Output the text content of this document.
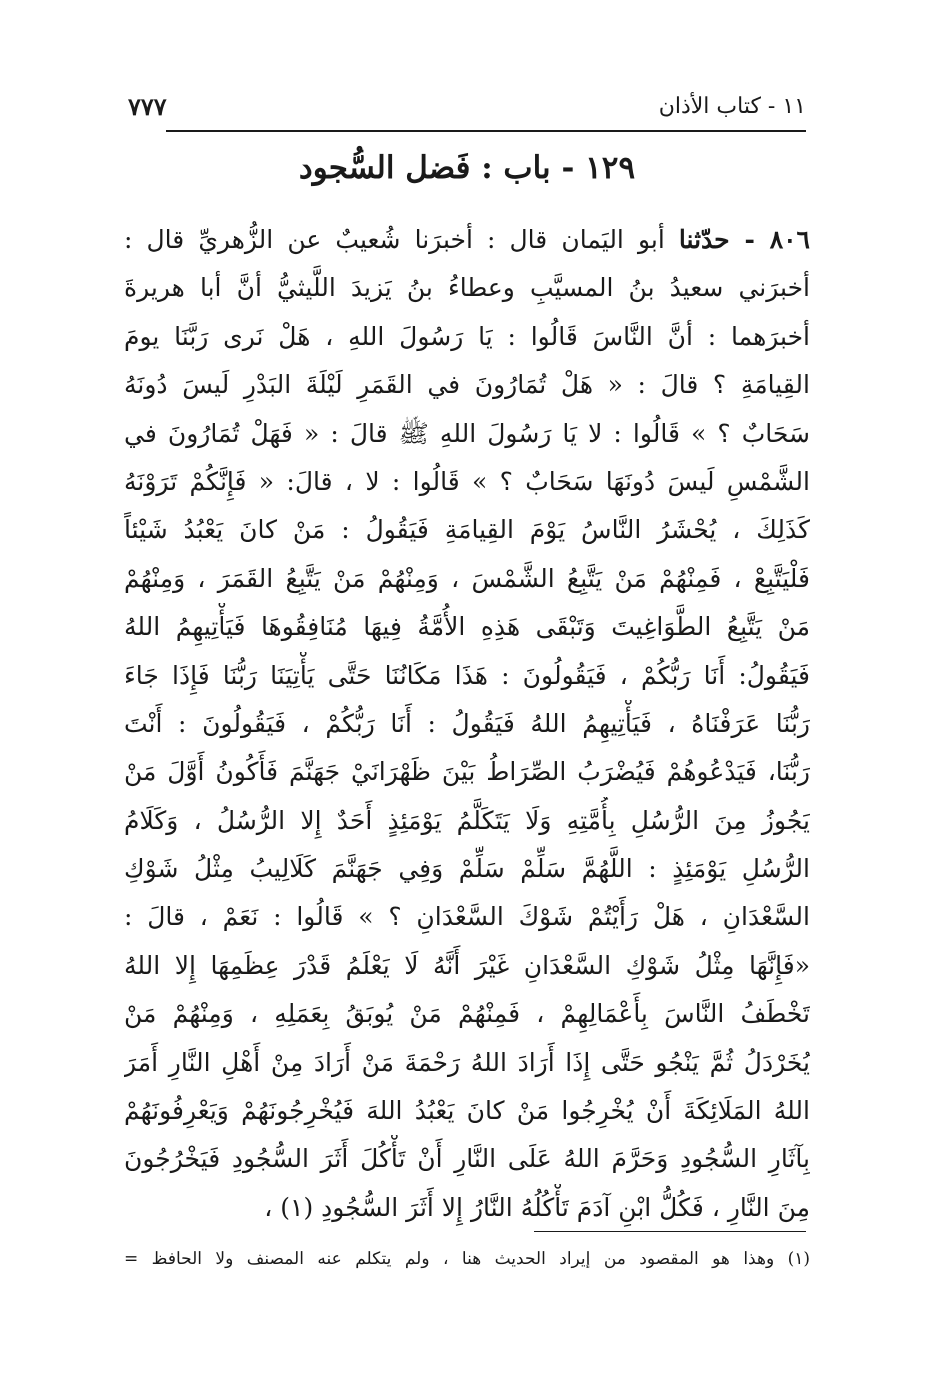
٧٧٧	١١ - كتاب الأذان
١٢٩ - باب : فَضل السُّجود
٨٠٦ - حدّثنا أبو اليَمان قال : أخبرَنا شُعيبٌ عن الزُّهريِّ قال :
أخبرَني سعيدُ بنُ المسيَّبِ وعطاءُ بنُ يَزيدَ اللَّيثيُّ أنَّ أبا هريرةَ
أخبرَهما : أنَّ النَّاسَ قَالُوا : يَا رَسُولَ اللهِ ، هَلْ نَرى رَبَّنَا يومَ
القِيامَةِ ؟ قالَ : « هَلْ تُمَارُونَ في القَمَرِ لَيْلَةَ البَدْرِ لَيسَ دُونَهُ
سَحَابٌ ؟ » قَالُوا : لا يَا رَسُولَ اللهِ ﷺ قالَ : « فَهَلْ تُمَارُونَ في
الشَّمْسِ لَيسَ دُونَهَا سَحَابٌ ؟ » قَالُوا : لا ، قالَ: « فَإِنَّكُمْ تَرَوْنَهُ
كَذَلِكَ ، يُحْشَرُ النَّاسُ يَوْمَ القِيامَةِ فَيَقُولُ : مَنْ كانَ يَعْبُدُ شَيْئاً
فَلْيَتَّبِعْ ، فَمِنْهُمْ مَنْ يَتَّبِعُ الشَّمْسَ ، وَمِنْهُمْ مَنْ يَتَّبِعُ القَمَرَ ، وَمِنْهُمْ
مَنْ يَتَّبِعُ الطَّوَاغِيتَ وَتَبْقَى هَذِهِ الأُمَّةُ فِيهَا مُنَافِقُوهَا فَيَأْتِيهِمُ اللهُ
فَيَقُولُ: أَنَا رَبُّكُمْ ، فَيَقُولُونَ : هَذَا مَكَانُنَا حَتَّى يَأْتِيَنَا رَبُّنَا فَإِذَا جَاءَ
رَبُّنَا عَرَفْنَاهُ ، فَيَأْتِيهِمُ اللهُ فَيَقُولُ : أَنَا رَبُّكُمْ ، فَيَقُولُونَ : أَنْتَ
رَبُّنَا، فَيَدْعُوهُمْ فَيُضْرَبُ الصِّرَاطُ بَيْنَ ظَهْرَانَيْ جَهَنَّمَ فَأَكُونُ أَوَّلَ مَنْ
يَجُوزُ مِنَ الرُّسُلِ بِأُمَّتِهِ وَلَا يَتَكَلَّمُ يَوْمَئِذٍ أَحَدٌ إِلا الرُّسُلُ ، وَكَلَامُ
الرُّسُلِ يَوْمَئِذٍ : اللَّهُمَّ سَلِّمْ سَلِّمْ وَفِي جَهَنَّمَ كَلَالِيبُ مِثْلُ شَوْكِ
السَّعْدَانِ ، هَلْ رَأَيْتُمْ شَوْكَ السَّعْدَانِ ؟ » قَالُوا : نَعَمْ ، قالَ :
«فَإِنَّهَا مِثْلُ شَوْكِ السَّعْدَانِ غَيْرَ أَنَّهُ لَا يَعْلَمُ قَدْرَ عِظَمِهَا إِلا اللهُ
تَخْطَفُ النَّاسَ بِأَعْمَالِهِمْ ، فَمِنْهُمْ مَنْ يُوبَقُ بِعَمَلِهِ ، وَمِنْهُمْ مَنْ
يُخَرْدَلُ ثُمَّ يَنْجُو حَتَّى إِذَا أَرَادَ اللهُ رَحْمَةَ مَنْ أَرَادَ مِنْ أَهْلِ النَّارِ أَمَرَ
اللهُ المَلَائِكَةَ أَنْ يُخْرِجُوا مَنْ كانَ يَعْبُدُ اللهَ فَيُخْرِجُونَهُمْ وَيَعْرِفُونَهُمْ
بِآثَارِ السُّجُودِ وَحَرَّمَ اللهُ عَلَى النَّارِ أَنْ تَأْكُلَ أَثَرَ السُّجُودِ فَيَخْرُجُونَ
مِنَ النَّارِ ، فَكُلُّ ابْنِ آدَمَ تَأْكُلُهُ النَّارُ إِلا أَثَرَ السُّجُودِ (١) ،
(١) وهذا هو المقصود من إيراد الحديث هنا ، ولم يتكلم عنه المصنف ولا الحافظ =
